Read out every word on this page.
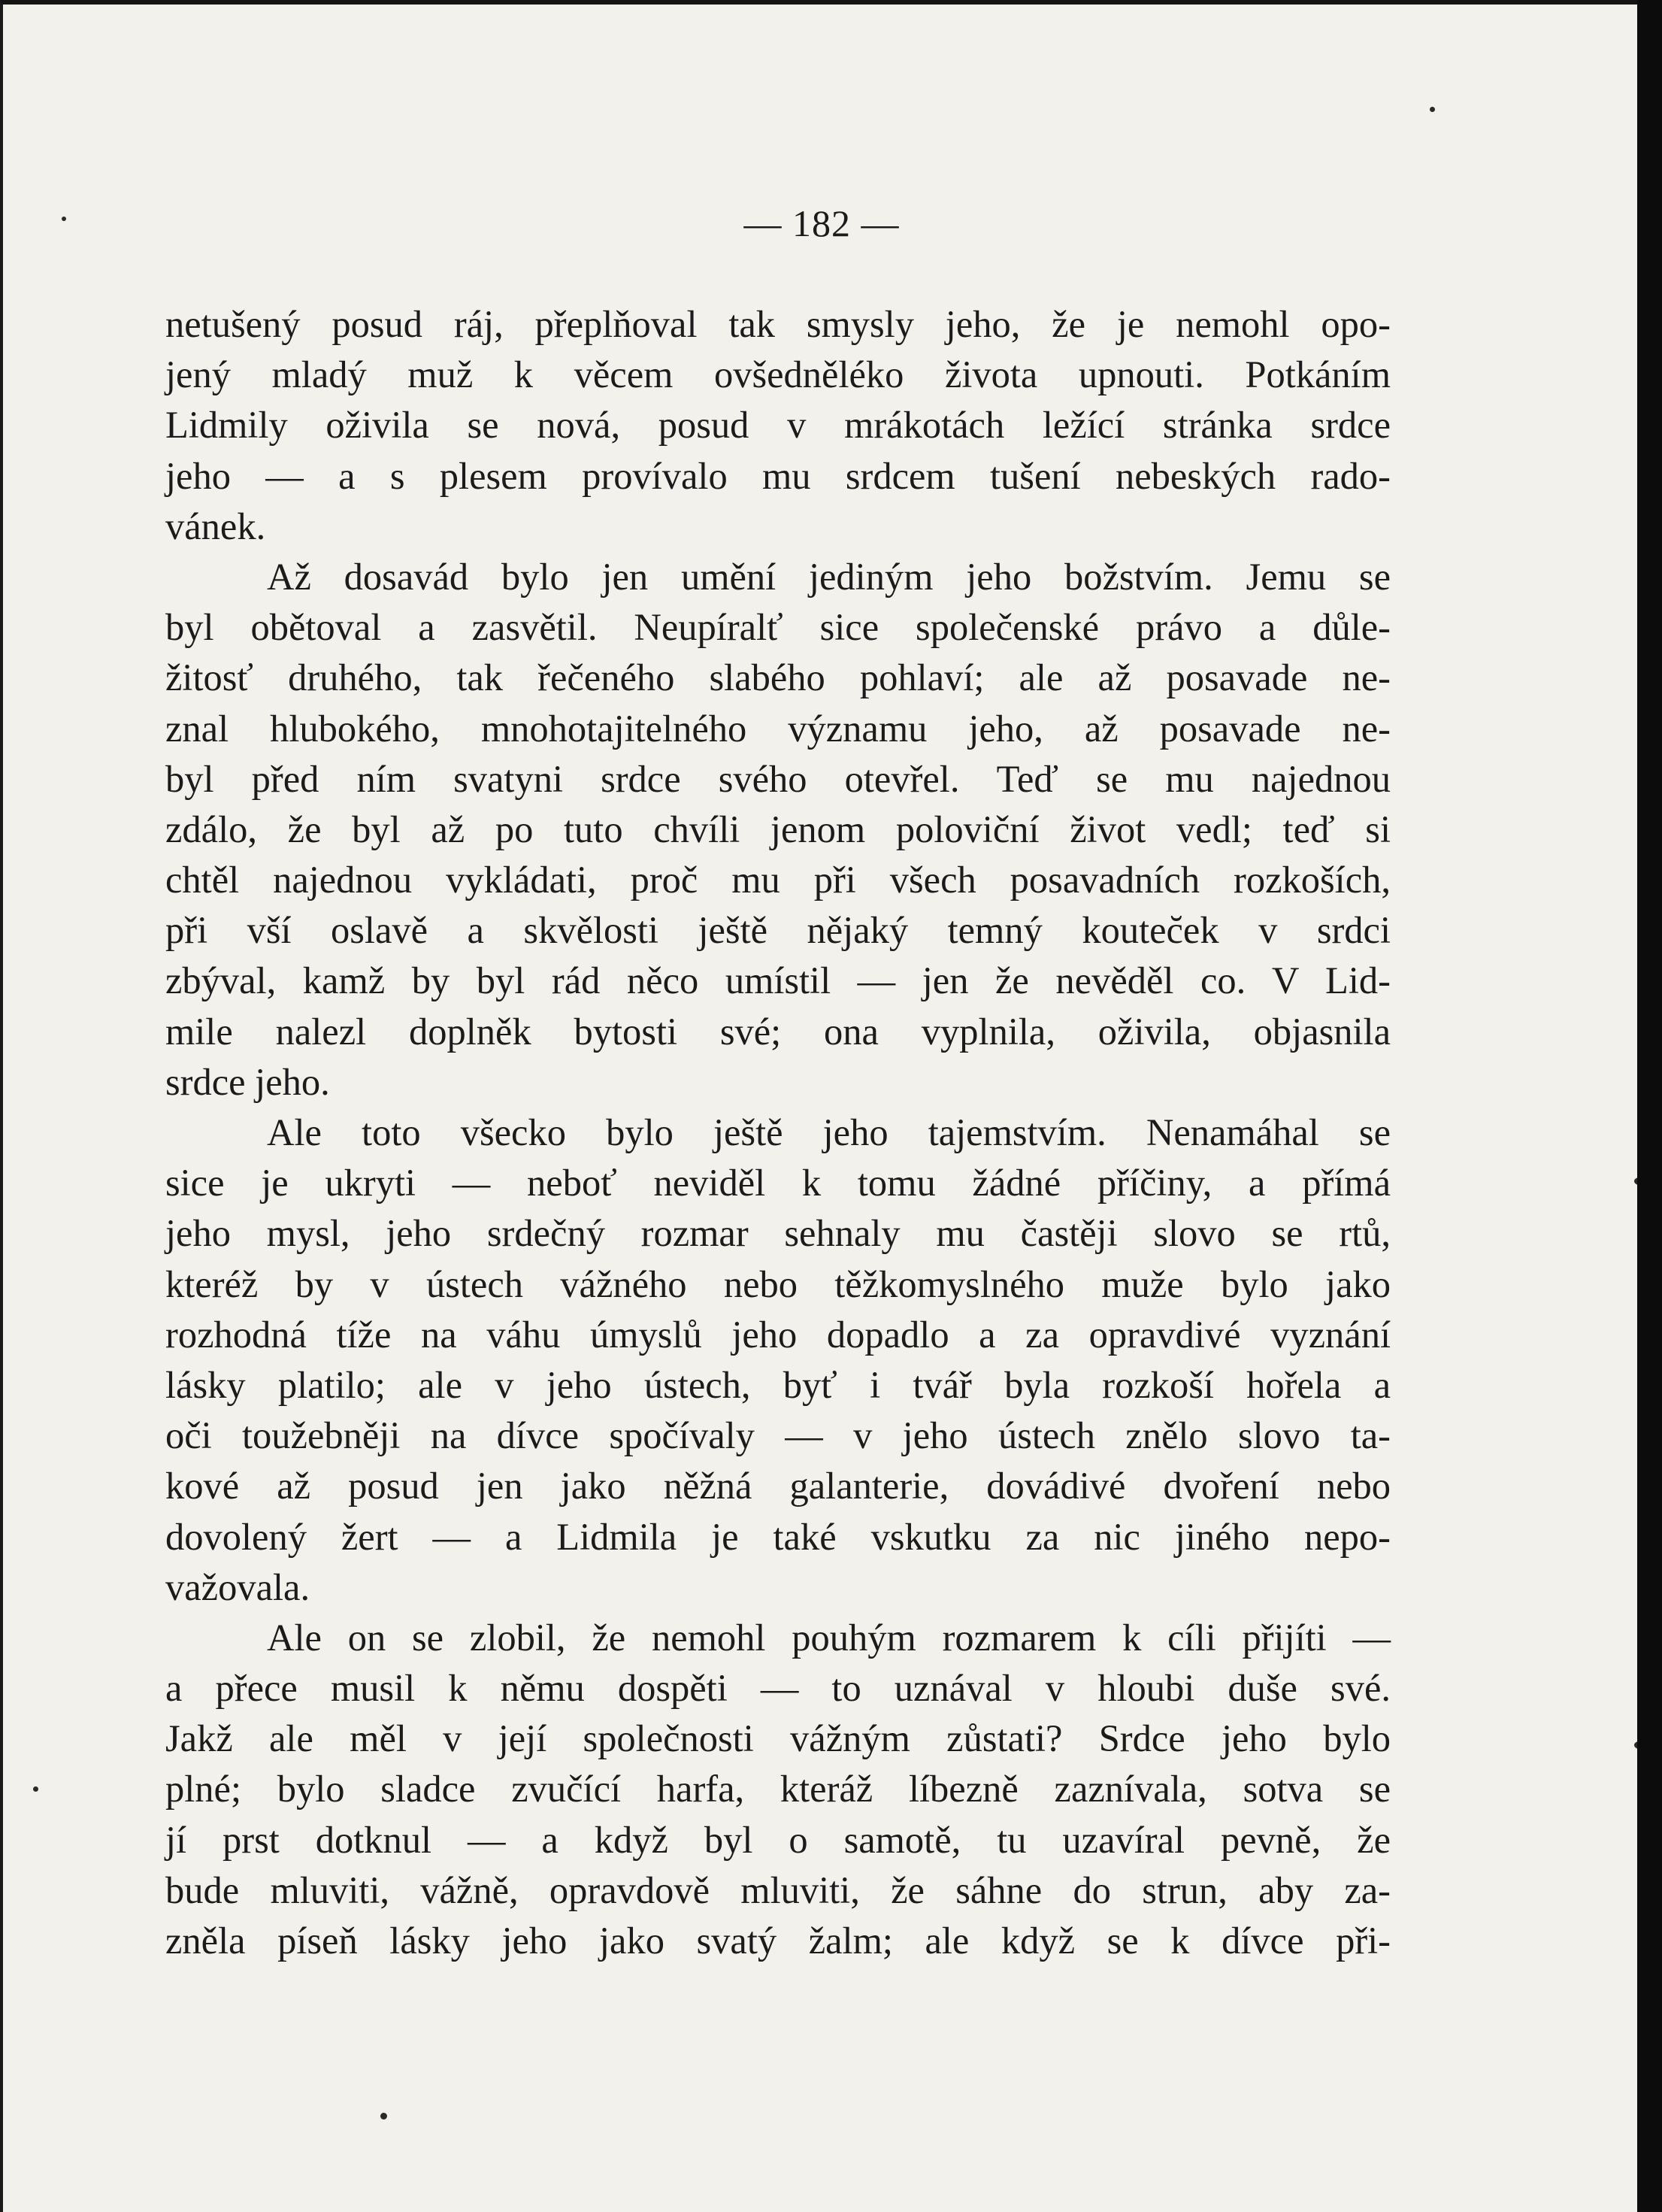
— 182 —
netušený posud ráj, přeplňoval tak smysly jeho, že je nemohl opo-
jený mladý muž k věcem ovšedněléko života upnouti. Potkáním
Lidmily oživila se nová, posud v mrákotách ležící stránka srdce
jeho — a s plesem provívalo mu srdcem tušení nebeských rado-
vánek.
Až dosavád bylo jen umění jediným jeho božstvím. Jemu se
byl obětoval a zasvětil. Neupíralť sice společenské právo a důle-
žitosť druhého, tak řečeného slabého pohlaví; ale až posavade ne-
znal hlubokého, mnohotajitelného významu jeho, až posavade ne-
byl před ním svatyni srdce svého otevřel. Teď se mu najednou
zdálo, že byl až po tuto chvíli jenom poloviční život vedl; teď si
chtěl najednou vykládati, proč mu při všech posavadních rozkoších,
při vší oslavě a skvělosti ještě nějaký temný koutec̆ek v srdci
zbýval, kamž by byl rád něco umístil — jen že nevěděl co. V Lid-
mile nalezl doplněk bytosti své; ona vyplnila, oživila, objasnila
srdce jeho.
Ale toto všecko bylo ještě jeho tajemstvím. Nenamáhal se
sice je ukryti — neboť neviděl k tomu žádné příčiny, a přímá
jeho mysl, jeho srdečný rozmar sehnaly mu častěji slovo se rtů,
kteréž by v ústech vážného nebo těžkomyslného muže bylo jako
rozhodná tíže na váhu úmyslů jeho dopadlo a za opravdivé vyznání
lásky platilo; ale v jeho ústech, byť i tvář byla rozkoší hořela a
oči toužebněji na dívce spočívaly — v jeho ústech znělo slovo ta-
kové až posud jen jako něžná galanterie, dovádivé dvoření nebo
dovolený žert — a Lidmila je také vskutku za nic jiného nepo-
važovala.
Ale on se zlobil, že nemohl pouhým rozmarem k cíli přijíti —
a přece musil k němu dospěti — to uznával v hloubi duše své.
Jakž ale měl v její společnosti vážným zůstati? Srdce jeho bylo
plné; bylo sladce zvučící harfa, kteráž líbezně zaznívala, sotva se
jí prst dotknul — a když byl o samotě, tu uzavíral pevně, že
bude mluviti, vážně, opravdově mluviti, že sáhne do strun, aby za-
zněla píseň lásky jeho jako svatý žalm; ale když se k dívce při-
